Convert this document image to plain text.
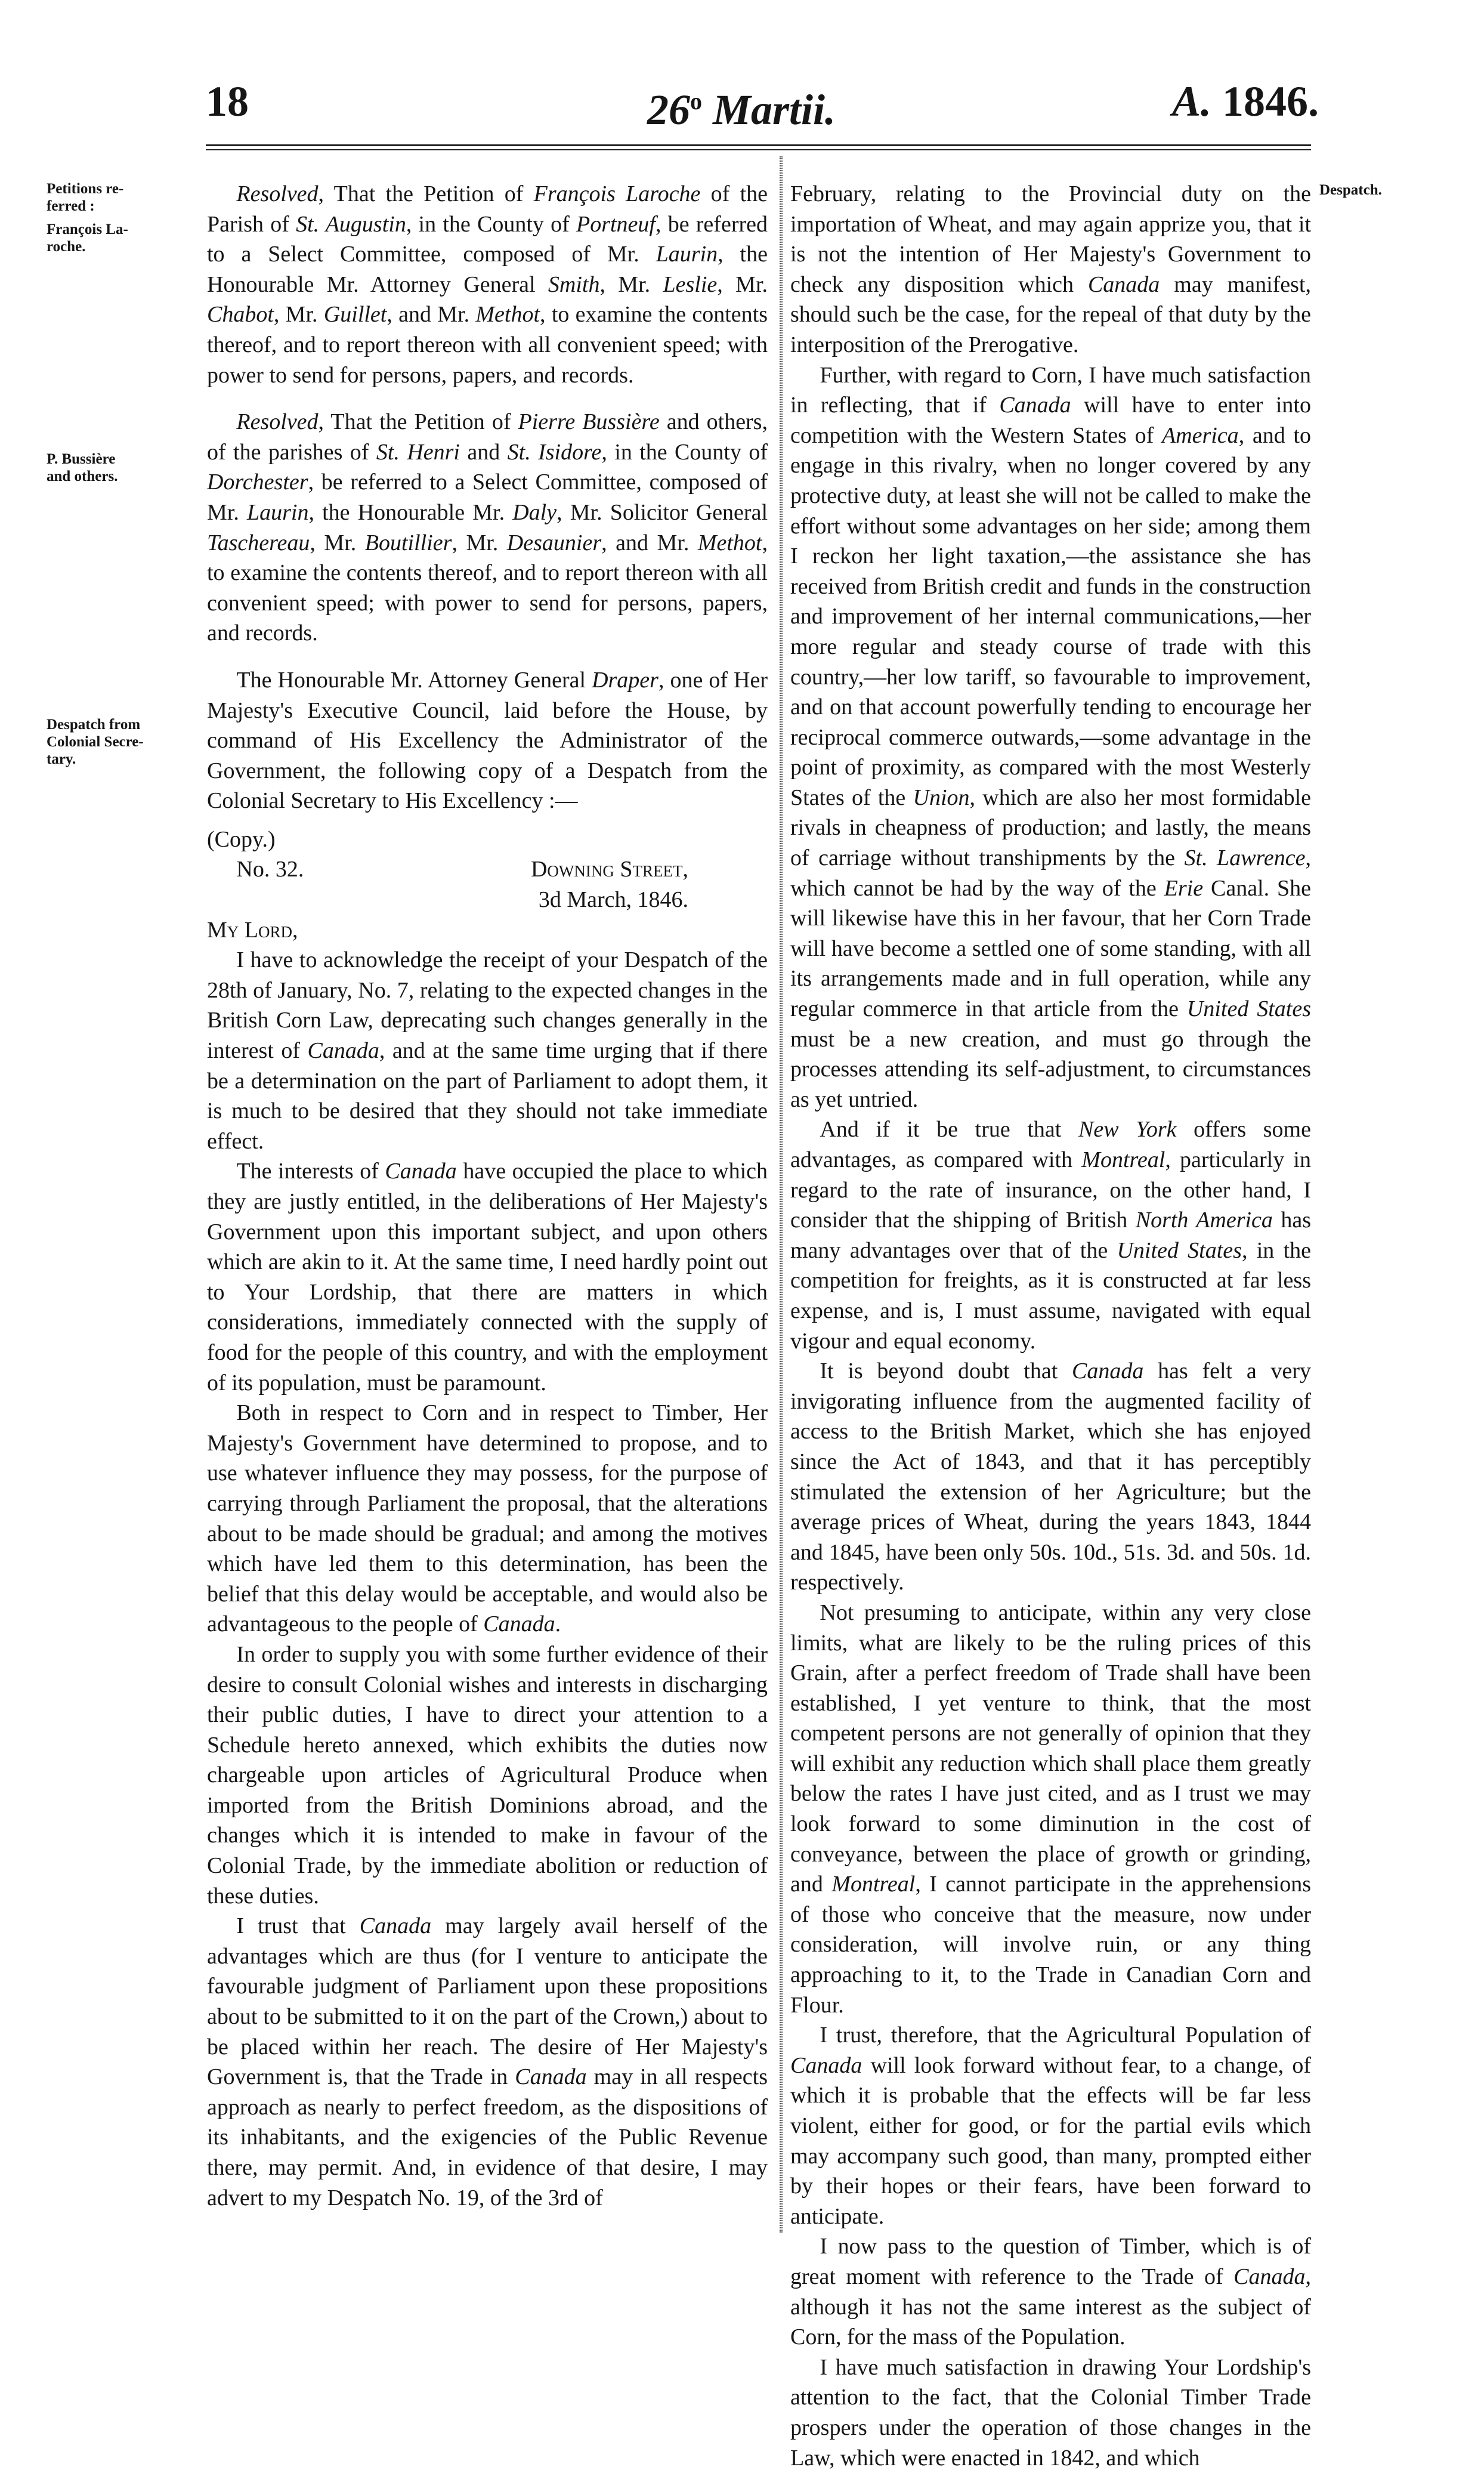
18	26$^o$ Martii.	A. 1846.
Petitions re-
ferred :
François La-
roche.
P. Bussière
and others.
Despatch from
Colonial Secre-
tary.
Despatch.

Resolved, That the Petition of François Laroche of the Parish of St. Augustin, in the County of Portneuf, be referred to a Select Committee, composed of Mr. Laurin, the Honourable Mr. Attorney General Smith, Mr. Leslie, Mr. Chabot, Mr. Guillet, and Mr. Methot, to examine the contents thereof, and to report thereon with all convenient speed; with power to send for persons, papers, and records.

Resolved, That the Petition of Pierre Bussière and others, of the parishes of St. Henri and St. Isidore, in the County of Dorchester, be referred to a Select Committee, composed of Mr. Laurin, the Honourable Mr. Daly, Mr. Solicitor General Taschereau, Mr. Boutillier, Mr. Desaunier, and Mr. Methot, to examine the contents thereof, and to report thereon with all convenient speed; with power to send for persons, papers, and records.

The Honourable Mr. Attorney General Draper, one of Her Majesty's Executive Council, laid before the House, by command of His Excellency the Administrator of the Government, the following copy of a Despatch from the Colonial Secretary to His Excellency :—

(Copy.)

No. 32.	Downing Street,

3d March, 1846.

My Lord,

I have to acknowledge the receipt of your Despatch of the 28th of January, No. 7, relating to the expected changes in the British Corn Law, deprecating such changes generally in the interest of Canada, and at the same time urging that if there be a determination on the part of Parliament to adopt them, it is much to be desired that they should not take immediate effect.

The interests of Canada have occupied the place to which they are justly entitled, in the deliberations of Her Majesty's Government upon this important subject, and upon others which are akin to it. At the same time, I need hardly point out to Your Lordship, that there are matters in which considerations, immediately connected with the supply of food for the people of this country, and with the employment of its population, must be paramount.

Both in respect to Corn and in respect to Timber, Her Majesty's Government have determined to propose, and to use whatever influence they may possess, for the purpose of carrying through Parliament the proposal, that the alterations about to be made should be gradual; and among the motives which have led them to this determination, has been the belief that this delay would be acceptable, and would also be advantageous to the people of Canada.

In order to supply you with some further evidence of their desire to consult Colonial wishes and interests in discharging their public duties, I have to direct your attention to a Schedule hereto annexed, which exhibits the duties now chargeable upon articles of Agricultural Produce when imported from the British Dominions abroad, and the changes which it is intended to make in favour of the Colonial Trade, by the immediate abolition or reduction of these duties.

I trust that Canada may largely avail herself of the advantages which are thus (for I venture to anticipate the favourable judgment of Parliament upon these propositions about to be submitted to it on the part of the Crown,) about to be placed within her reach. The desire of Her Majesty's Government is, that the Trade in Canada may in all respects approach as nearly to perfect freedom, as the dispositions of its inhabitants, and the exigencies of the Public Revenue there, may permit. And, in evidence of that desire, I may advert to my Despatch No. 19, of the 3rd of

February, relating to the Provincial duty on the importation of Wheat, and may again apprize you, that it is not the intention of Her Majesty's Government to check any disposition which Canada may manifest, should such be the case, for the repeal of that duty by the interposition of the Prerogative.

Further, with regard to Corn, I have much satisfaction in reflecting, that if Canada will have to enter into competition with the Western States of America, and to engage in this rivalry, when no longer covered by any protective duty, at least she will not be called to make the effort without some advantages on her side; among them I reckon her light taxation,—the assistance she has received from British credit and funds in the construction and improvement of her internal communications,—her more regular and steady course of trade with this country,—her low tariff, so favourable to improvement, and on that account powerfully tending to encourage her reciprocal commerce outwards,—some advantage in the point of proximity, as compared with the most Westerly States of the Union, which are also her most formidable rivals in cheapness of production; and lastly, the means of carriage without transhipments by the St. Lawrence, which cannot be had by the way of the Erie Canal. She will likewise have this in her favour, that her Corn Trade will have become a settled one of some standing, with all its arrangements made and in full operation, while any regular commerce in that article from the United States must be a new creation, and must go through the processes attending its self-adjustment, to circumstances as yet untried.

And if it be true that New York offers some advantages, as compared with Montreal, particularly in regard to the rate of insurance, on the other hand, I consider that the shipping of British North America has many advantages over that of the United States, in the competition for freights, as it is constructed at far less expense, and is, I must assume, navigated with equal vigour and equal economy.

It is beyond doubt that Canada has felt a very invigorating influence from the augmented facility of access to the British Market, which she has enjoyed since the Act of 1843, and that it has perceptibly stimulated the extension of her Agriculture; but the average prices of Wheat, during the years 1843, 1844 and 1845, have been only 50s. 10d., 51s. 3d. and 50s. 1d. respectively.

Not presuming to anticipate, within any very close limits, what are likely to be the ruling prices of this Grain, after a perfect freedom of Trade shall have been established, I yet venture to think, that the most competent persons are not generally of opinion that they will exhibit any reduction which shall place them greatly below the rates I have just cited, and as I trust we may look forward to some diminution in the cost of conveyance, between the place of growth or grinding, and Montreal, I cannot participate in the apprehensions of those who conceive that the measure, now under consideration, will involve ruin, or any thing approaching to it, to the Trade in Canadian Corn and Flour.

I trust, therefore, that the Agricultural Population of Canada will look forward without fear, to a change, of which it is probable that the effects will be far less violent, either for good, or for the partial evils which may accompany such good, than many, prompted either by their hopes or their fears, have been forward to anticipate.

I now pass to the question of Timber, which is of great moment with reference to the Trade of Canada, although it has not the same interest as the subject of Corn, for the mass of the Population.

I have much satisfaction in drawing Your Lordship's attention to the fact, that the Colonial Timber Trade prospers under the operation of those changes in the Law, which were enacted in 1842, and which
